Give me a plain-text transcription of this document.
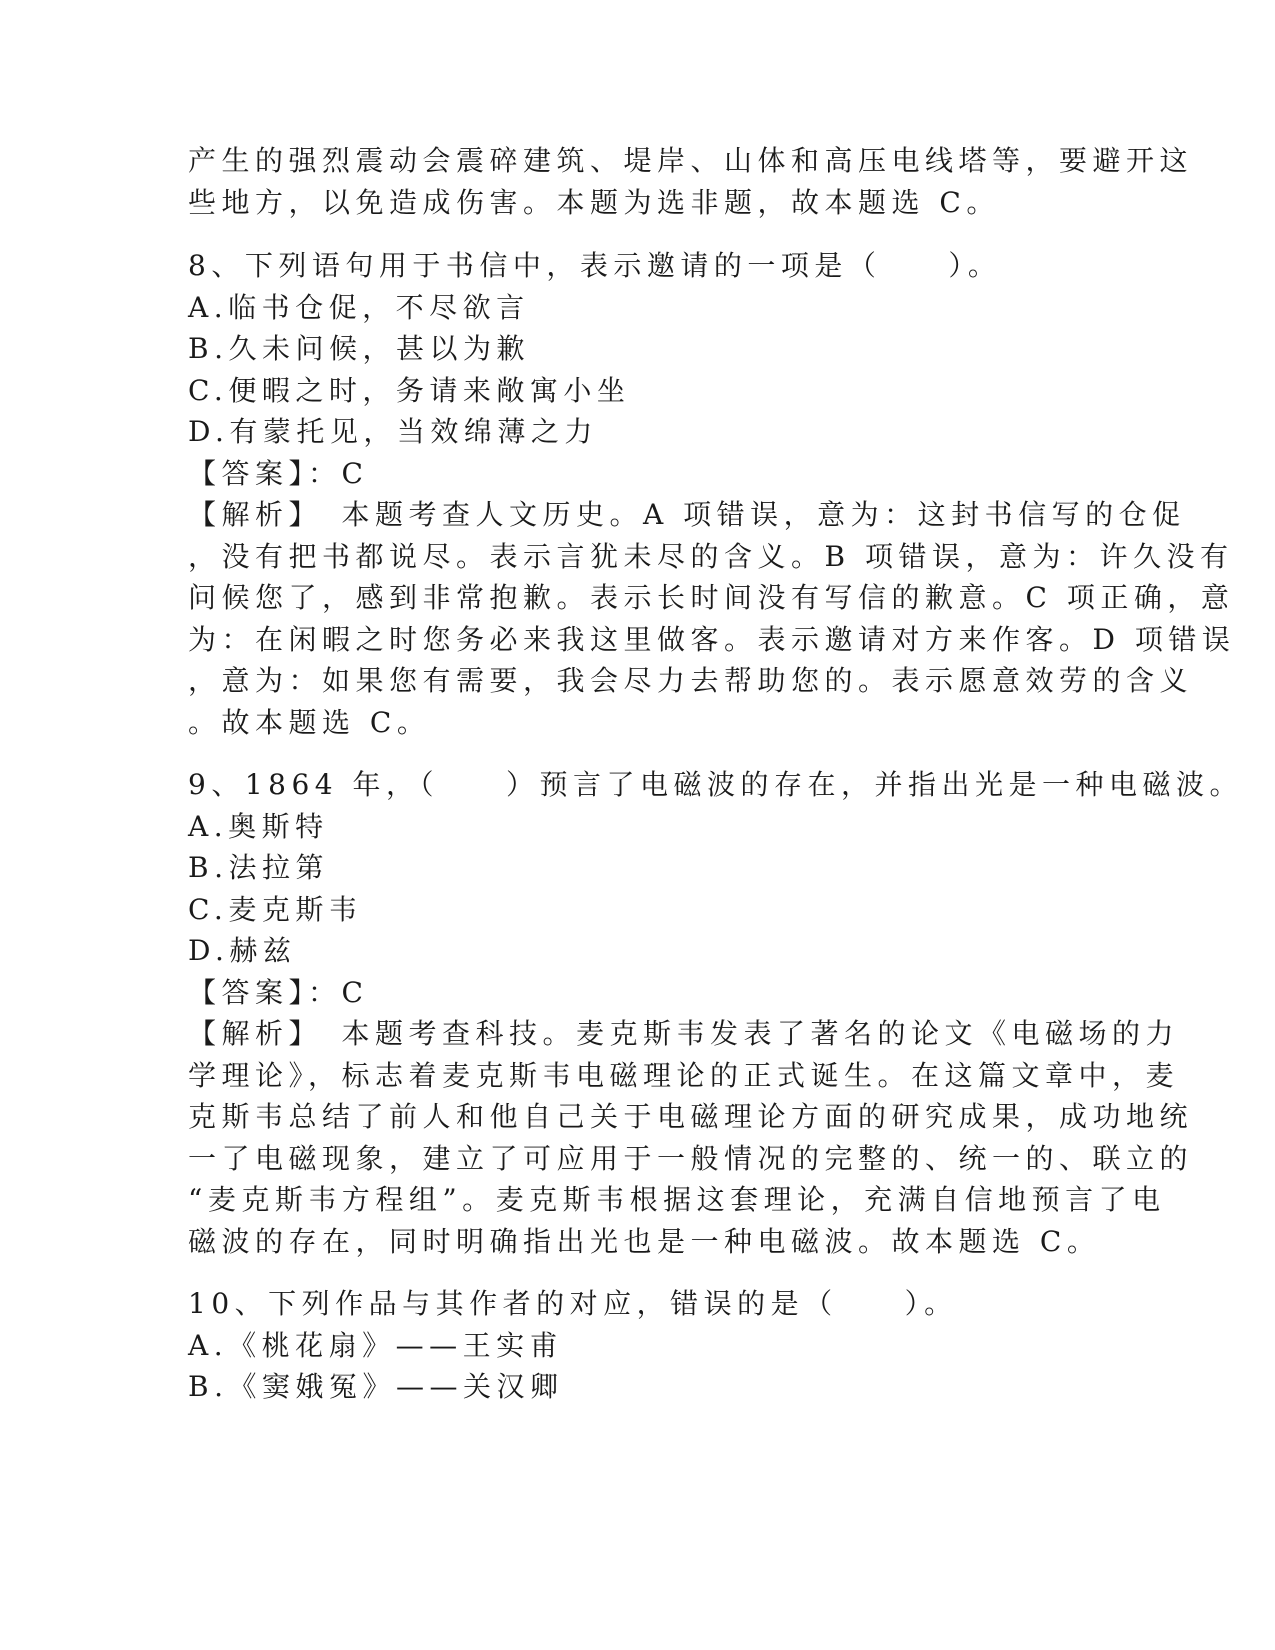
产生的强烈震动会震碎建筑、堤岸、山体和高压电线塔等，要避开这
些地方，以免造成伤害。本题为选非题，故本题选 C。
8、下列语句用于书信中，表示邀请的一项是（　　）。
A.临书仓促，不尽欲言
B.久未问候，甚以为歉
C.便暇之时，务请来敞寓小坐
D.有蒙托见，当效绵薄之力
【答案】：C
【解析】　本题考查人文历史。A 项错误，意为：这封书信写的仓促
，没有把书都说尽。表示言犹未尽的含义。B 项错误，意为：许久没有
问候您了，感到非常抱歉。表示长时间没有写信的歉意。C 项正确，意
为：在闲暇之时您务必来我这里做客。表示邀请对方来作客。D 项错误
，意为：如果您有需要，我会尽力去帮助您的。表示愿意效劳的含义
。故本题选 C。
9、1864 年，（　　）预言了电磁波的存在，并指出光是一种电磁波。
A.奥斯特
B.法拉第
C.麦克斯韦
D.赫兹
【答案】：C
【解析】　本题考查科技。麦克斯韦发表了著名的论文《电磁场的力
学理论》，标志着麦克斯韦电磁理论的正式诞生。在这篇文章中，麦
克斯韦总结了前人和他自己关于电磁理论方面的研究成果，成功地统
一了电磁现象，建立了可应用于一般情况的完整的、统一的、联立的
“麦克斯韦方程组”。麦克斯韦根据这套理论，充满自信地预言了电
磁波的存在，同时明确指出光也是一种电磁波。故本题选 C。
10、下列作品与其作者的对应，错误的是（　　）。
A.《桃花扇》——王实甫
B.《窦娥冤》——关汉卿
